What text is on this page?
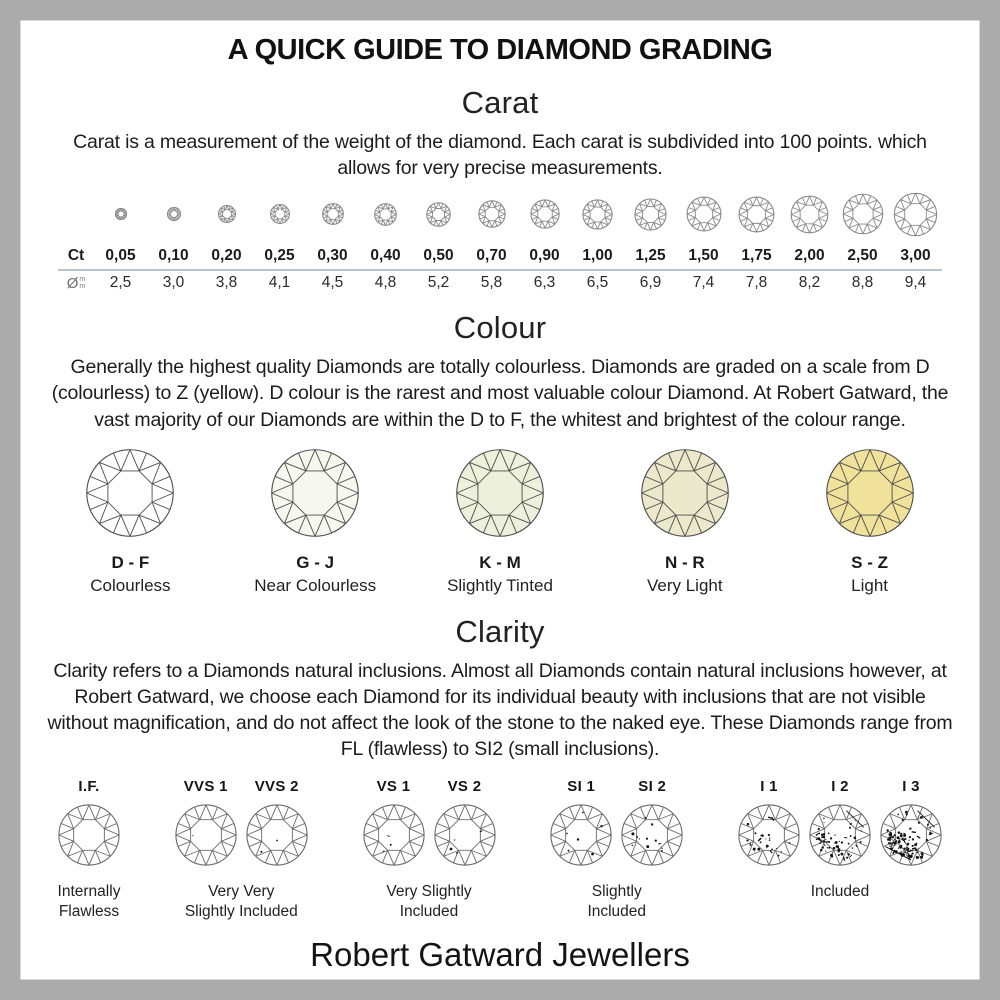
A QUICK GUIDE TO DIAMOND GRADING
Carat

Carat is a measurement of the weight of the diamond. Each carat is subdivided into 100 points. which allows for very precise measurements.

Ct	0,05	0,10	0,20	0,25	0,30	0,40	0,50	0,70	0,90	1,00	1,25	1,50	1,75	2,00	2,50	3,00
Ø m
m	2,5	3,0	3,8	4,1	4,5	4,8	5,2	5,8	6,3	6,5	6,9	7,4	7,8	8,2	8,8	9,4
Colour

Generally the highest quality Diamonds are totally colourless. Diamonds are graded on a scale from D (colourless) to Z (yellow). D colour is the rarest and most valuable colour Diamond. At Robert Gatward, the vast majority of our Diamonds are within the D to F, the whitest and brightest of the colour range.

D - F
Colourless
G - J
Near Colourless
K - M
Slightly Tinted
N - R
Very Light
S - Z
Light
Clarity

Clarity refers to a Diamonds natural inclusions. Almost all Diamonds contain natural inclusions however, at Robert Gatward, we choose each Diamond for its individual beauty with inclusions that are not visible without magnification, and do not affect the look of the stone to the naked eye. These Diamonds range from FL (flawless) to SI2 (small inclusions).

I.F.
Internally
Flawless
VVS 1	VVS 2
Very Very
Slightly Included
VS 1	VS 2
Very Slightly
Included
SI 1	SI 2
Slightly
Included
I 1	I 2	I 3
Included
Robert Gatward Jewellers
